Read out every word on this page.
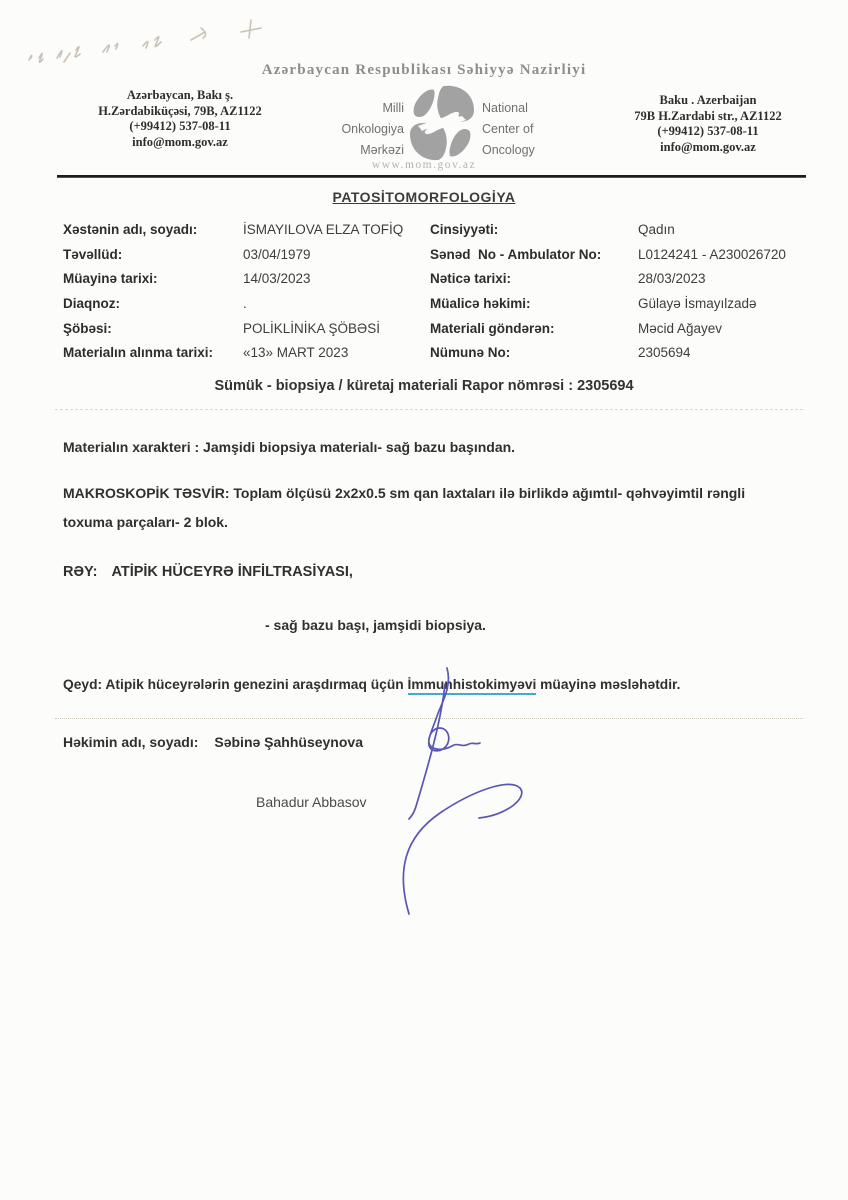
Azərbaycan Respublikası Səhiyyə Nazirliyi
Azərbaycan, Bakı ş.
H.Zərdabiküçəsi, 79B, AZ1122
(+99412) 537-08-11
info@mom.gov.az
Baku . Azerbaijan
79B H.Zardabi str., AZ1122
(+99412) 537-08-11
info@mom.gov.az
Milli
Onkologiya
Mərkəzi
National
Center of
Oncology
www.mom.gov.az
PATOSİTOMORFOLOGİYA
Xəstənin adı, soyadı:	İSMAYILOVA ELZA TOFİQ Cinsiyyəti:	Qadın
Təvəllüd:	03/04/1979	Sənəd  No - Ambulator No:	L0124241 - A230026720
Müayinə tarixi:	14/03/2023	Nəticə tarixi:	28/03/2023
Diaqnoz:	.	Müalicə həkimi:	Gülayə İsmayılzadə
Şöbəsi:	POLİKLİNİKA ŞÖBƏSİ	Materiali göndərən:	Məcid Ağayev
Materialın alınma tarixi: «13» MART 2023	Nümunə No:	2305694
Sümük - biopsiya / küretaj materiali Rapor nömrəsi : 2305694
Materialın xarakteri : Jamşidi biopsiya materialı- sağ bazu başından.
MAKROSKOPİK TƏSVİR: Toplam ölçüsü 2x2x0.5 sm qan laxtaları ilə birlikdə ağımtıl- qəhvəyimtil rəngli toxuma parçaları- 2 blok.
RƏY: ATİPİK HÜCEYRƏ İNFİLTRASİYASI,
- sağ bazu başı, jamşidi biopsiya.
Qeyd: Atipik hüceyrələrin genezini araşdırmaq üçün İmmunhistokimyəvi müayinə məsləhətdir.
Həkimin adı, soyadı: Səbinə Şahhüseynova
Bahadur Abbasov
